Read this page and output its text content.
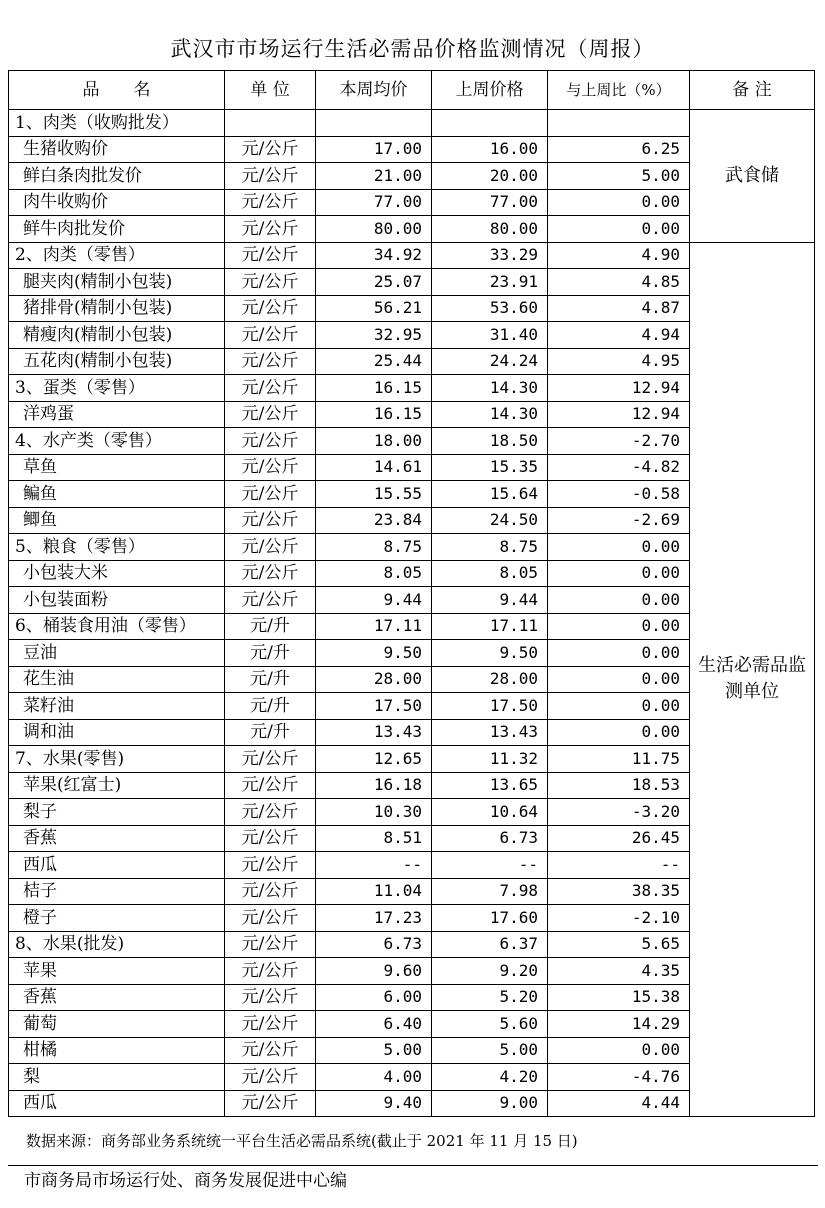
武汉市市场运行生活必需品价格监测情况（周报）
品　　名	单 位	本周均价	上周价格	与上周比（%）	备 注
1、肉类（收购批发）					武食储
生猪收购价	元/公斤	17.00	16.00	6.25	
鲜白条肉批发价	元/公斤	21.00	20.00	5.00	
肉牛收购价	元/公斤	77.00	77.00	0.00	
鲜牛肉批发价	元/公斤	80.00	80.00	0.00	
2、肉类（零售）	元/公斤	34.92	33.29	4.90	生活必需品监测单位
腿夹肉(精制小包装)	元/公斤	25.07	23.91	4.85	
猪排骨(精制小包装)	元/公斤	56.21	53.60	4.87	
精瘦肉(精制小包装)	元/公斤	32.95	31.40	4.94	
五花肉(精制小包装)	元/公斤	25.44	24.24	4.95	
3、蛋类（零售）	元/公斤	16.15	14.30	12.94	
洋鸡蛋	元/公斤	16.15	14.30	12.94	
4、水产类（零售）	元/公斤	18.00	18.50	-2.70	
草鱼	元/公斤	14.61	15.35	-4.82	
鳊鱼	元/公斤	15.55	15.64	-0.58	
鲫鱼	元/公斤	23.84	24.50	-2.69	
5、粮食（零售）	元/公斤	8.75	8.75	0.00	
小包装大米	元/公斤	8.05	8.05	0.00	
小包装面粉	元/公斤	9.44	9.44	0.00	
6、桶装食用油（零售）	元/升	17.11	17.11	0.00	
豆油	元/升	9.50	9.50	0.00	
花生油	元/升	28.00	28.00	0.00	
菜籽油	元/升	17.50	17.50	0.00	
调和油	元/升	13.43	13.43	0.00	
7、水果(零售)	元/公斤	12.65	11.32	11.75	
苹果(红富士)	元/公斤	16.18	13.65	18.53	
梨子	元/公斤	10.30	10.64	-3.20	
香蕉	元/公斤	8.51	6.73	26.45	
西瓜	元/公斤	--	--	--	
桔子	元/公斤	11.04	7.98	38.35	
橙子	元/公斤	17.23	17.60	-2.10	
8、水果(批发)	元/公斤	6.73	6.37	5.65	
苹果	元/公斤	9.60	9.20	4.35	
香蕉	元/公斤	6.00	5.20	15.38	
葡萄	元/公斤	6.40	5.60	14.29	
柑橘	元/公斤	5.00	5.00	0.00	
梨	元/公斤	4.00	4.20	-4.76	
西瓜	元/公斤	9.40	9.00	4.44	
数据来源：商务部业务系统统一平台生活必需品系统(截止于 2021 年 11 月 15 日)
市商务局市场运行处、商务发展促进中心编
